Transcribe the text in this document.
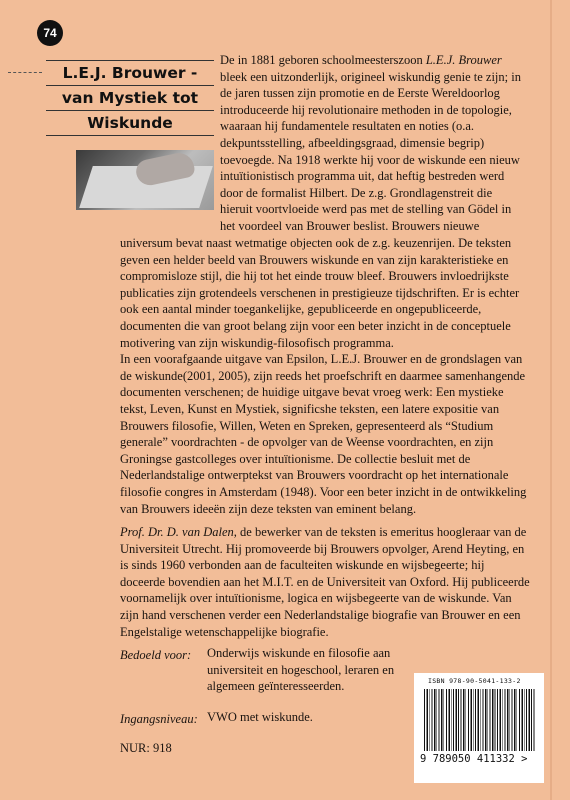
74
L.E.J. Brouwer -
van Mystiek tot
Wiskunde
De in 1881 geboren schoolmeesterszoon L.E.J. Brouwer bleek een uitzonderlijk, origineel wiskundig genie te zijn; in de jaren tussen zijn promotie en de Eerste Wereldoorlog introduceerde hij revolutionaire methoden in de topologie, waaraan hij fundamentele resultaten en noties (o.a. dekpuntsstelling, afbeeldingsgraad, dimensie begrip) toevoegde. Na 1918 werkte hij voor de wiskunde een nieuw intuïtionistisch programma uit, dat heftig bestreden werd door de formalist Hilbert. De z.g. Grondlagenstreit die hieruit voortvloeide werd pas met de stelling van Gödel in het voordeel van Brouwer beslist. Brouwers nieuwe

universum bevat naast wetmatige objecten ook de z.g. keuzenrijen. De teksten geven een helder beeld van Brouwers wiskunde en van zijn karakteristieke en compromisloze stijl, die hij tot het einde trouw bleef. Brouwers invloedrijkste publicaties zijn grotendeels verschenen in prestigieuze tijdschriften. Er is echter ook een aantal minder toegankelijke, gepubliceerde en ongepubliceerde, documenten die van groot belang zijn voor een beter inzicht in de conceptuele motivering van zijn wiskundig-filosofisch programma.

In een voorafgaande uitgave van Epsilon, L.E.J. Brouwer en de grondslagen van de wiskunde(2001, 2005), zijn reeds het proefschrift en daarmee samenhangende documenten verschenen; de huidige uitgave bevat vroeg werk: Een mystieke tekst, Leven, Kunst en Mystiek, significshe teksten, een latere expositie van Brouwers filosofie, Willen, Weten en Spreken, gepresenteerd als “Studium generale” voordrachten - de opvolger van de Weense voordrachten, en zijn Groningse gastcolleges over intuïtionisme. De collectie besluit met de Nederlandstalige ontwerptekst van Brouwers voordracht op het internationale filosofie congres in Amsterdam (1948). Voor een beter inzicht in de ontwikkeling van Brouwers ideeën zijn deze teksten van eminent belang.

Prof. Dr. D. van Dalen, de bewerker van de teksten is emeritus hoogleraar van de Universiteit Utrecht. Hij promoveerde bij Brouwers opvolger, Arend Heyting, en is sinds 1960 verbonden aan de faculteiten wiskunde en wijsbegeerte; hij doceerde bovendien aan het M.I.T. en de Universiteit van Oxford. Hij publiceerde voornamelijk over intuïtionisme, logica en wijsbegeerte van de wiskunde. Van zijn hand verschenen verder een Nederlandstalige biografie van Brouwer en een Engelstalige wetenschappelijke biografie.
Bedoeld voor: Onderwijs wiskunde en filosofie aan universiteit en hogeschool, leraren en algemeen geïnteresseerden.
Ingangsniveau: VWO met wiskunde.
NUR: 918
ISBN 978-90-5041-133-2
9 789050 411332 >
